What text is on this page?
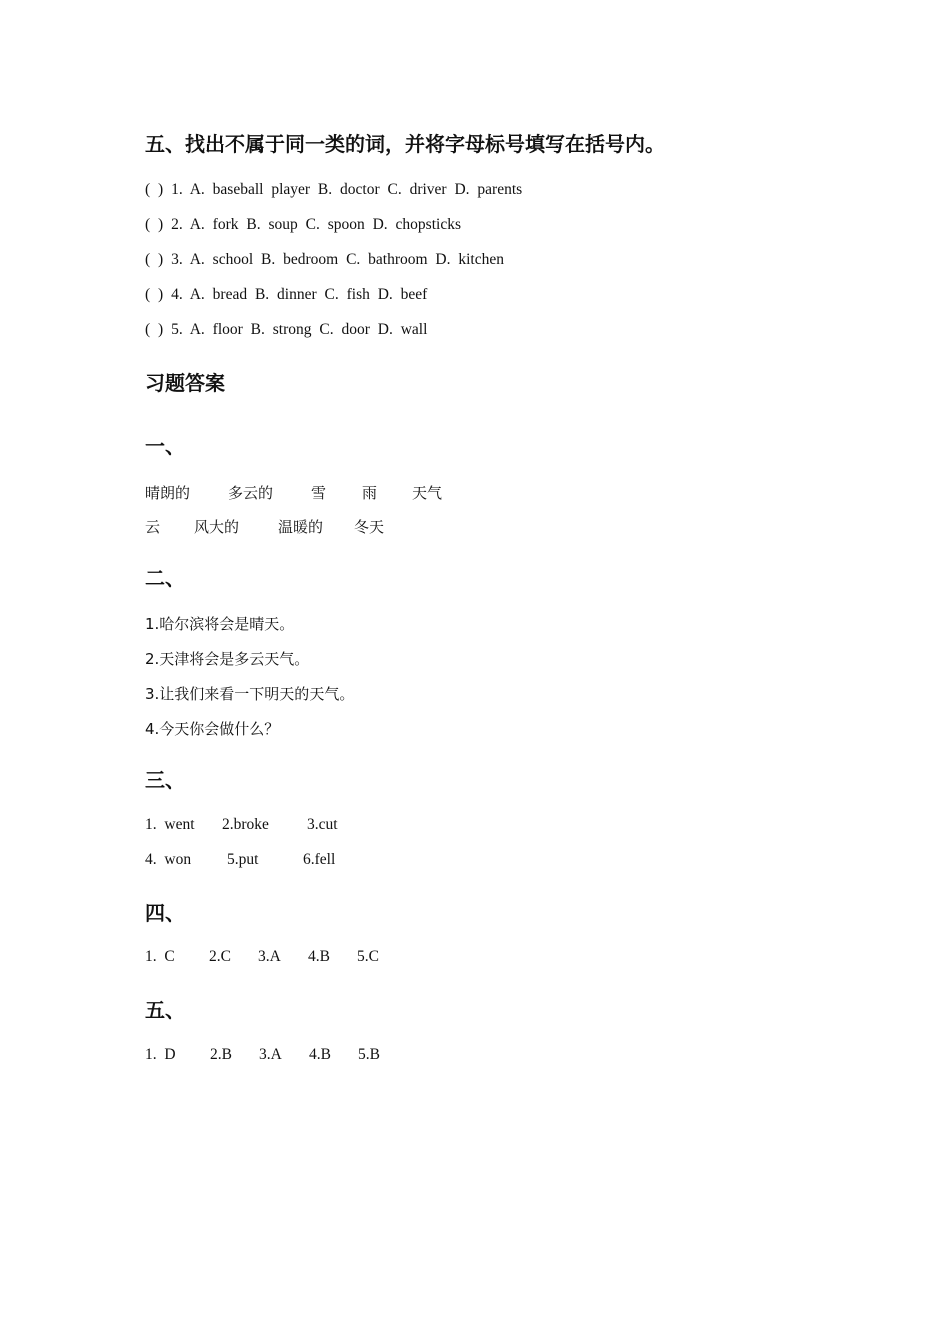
五、找出不属于同一类的词，并将字母标号填写在括号内。
( ) 1. A. baseball player B. doctor C. driver D. parents
( ) 2. A. fork B. soup C. spoon D. chopsticks
( ) 3. A. school B. bedroom C. bathroom D. kitchen
( ) 4. A. bread B. dinner C. fish D. beef
( ) 5. A. floor B. strong C. door D. wall
习题答案
一、
晴朗的	多云的	雪 雨 天气
云 风大的	温暖的 冬天
二、
1.哈尔滨将会是晴天。
2.天津将会是多云天气。
3.让我们来看一下明天的天气。
4.今天你会做什么？
三、
1.  went 2.broke 3.cut
4.  won 5.put	6.fell
四、
1.  C 2.C 3.A 4.B 5.C
五、
1.  D 2.B 3.A 4.B 5.B
